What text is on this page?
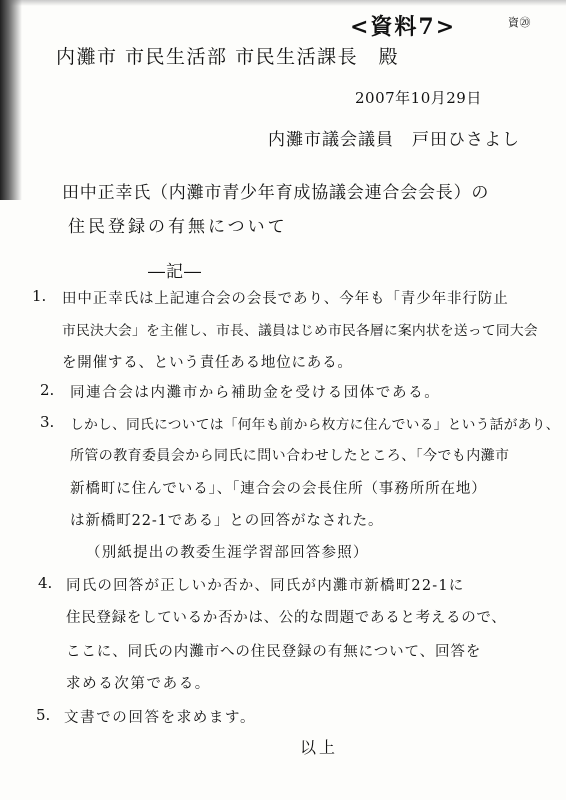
<資料7>	資⑳
内灘市 市民生活部 市民生活課長　殿
2007年10月29日
内灘市議会議員　戸田ひさよし
田中正幸氏（内灘市青少年育成協議会連合会会長）の
住民登録の有無について
―記―
1. 田中正幸氏は上記連合会の会長であり、今年も「青少年非行防止
市民決大会」を主催し、市長、議員はじめ市民各層に案内状を送って同大会
を開催する、という責任ある地位にある。
2. 同連合会は内灘市から補助金を受ける団体である。
3. しかし、同氏については「何年も前から枚方に住んでいる」という話があり、
所管の教育委員会から同氏に問い合わせしたところ、「今でも内灘市
新橋町に住んでいる」、「連合会の会長住所（事務所所在地）
は新橋町22-1である」との回答がなされた。
（別紙提出の教委生涯学習部回答参照）
4. 同氏の回答が正しいか否か、同氏が内灘市新橋町22-1に
住民登録をしているか否かは、公的な問題であると考えるので、
ここに、同氏の内灘市への住民登録の有無について、回答を
求める次第である。
5. 文書での回答を求めます。
以上
